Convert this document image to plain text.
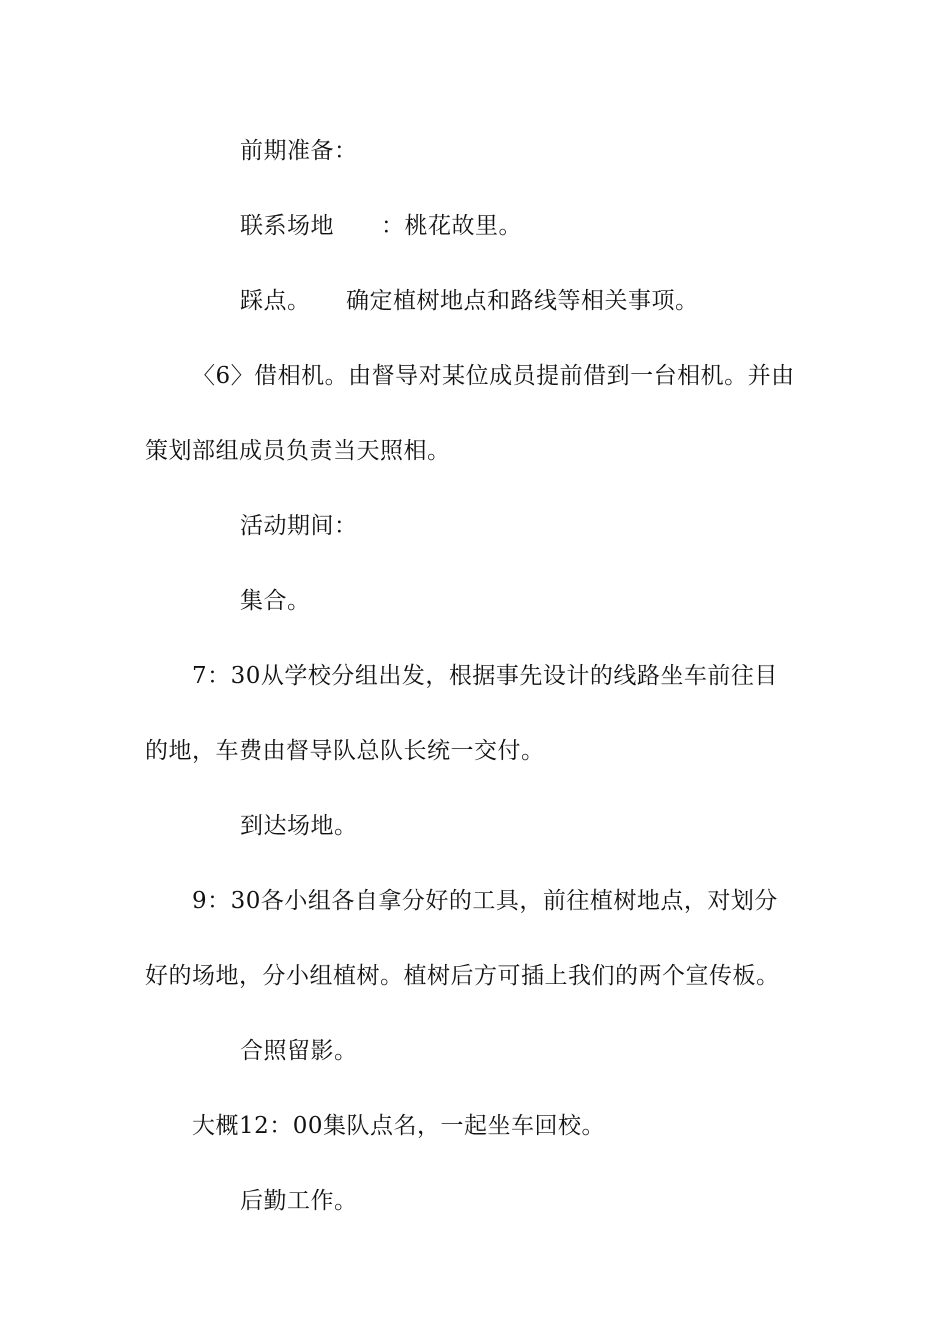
前期准备：
联系场地　　：桃花故里。
踩点。　　确定植树地点和路线等相关事项。
〈6〉借相机。由督导对某位成员提前借到一台相机。并由
策划部组成员负责当天照相。
活动期间：
集合。
7：30从学校分组出发，根据事先设计的线路坐车前往目
的地，车费由督导队总队长统一交付。
到达场地。
9：30各小组各自拿分好的工具，前往植树地点，对划分
好的场地，分小组植树。植树后方可插上我们的两个宣传板。
合照留影。
大概12：00集队点名，一起坐车回校。
后勤工作。
